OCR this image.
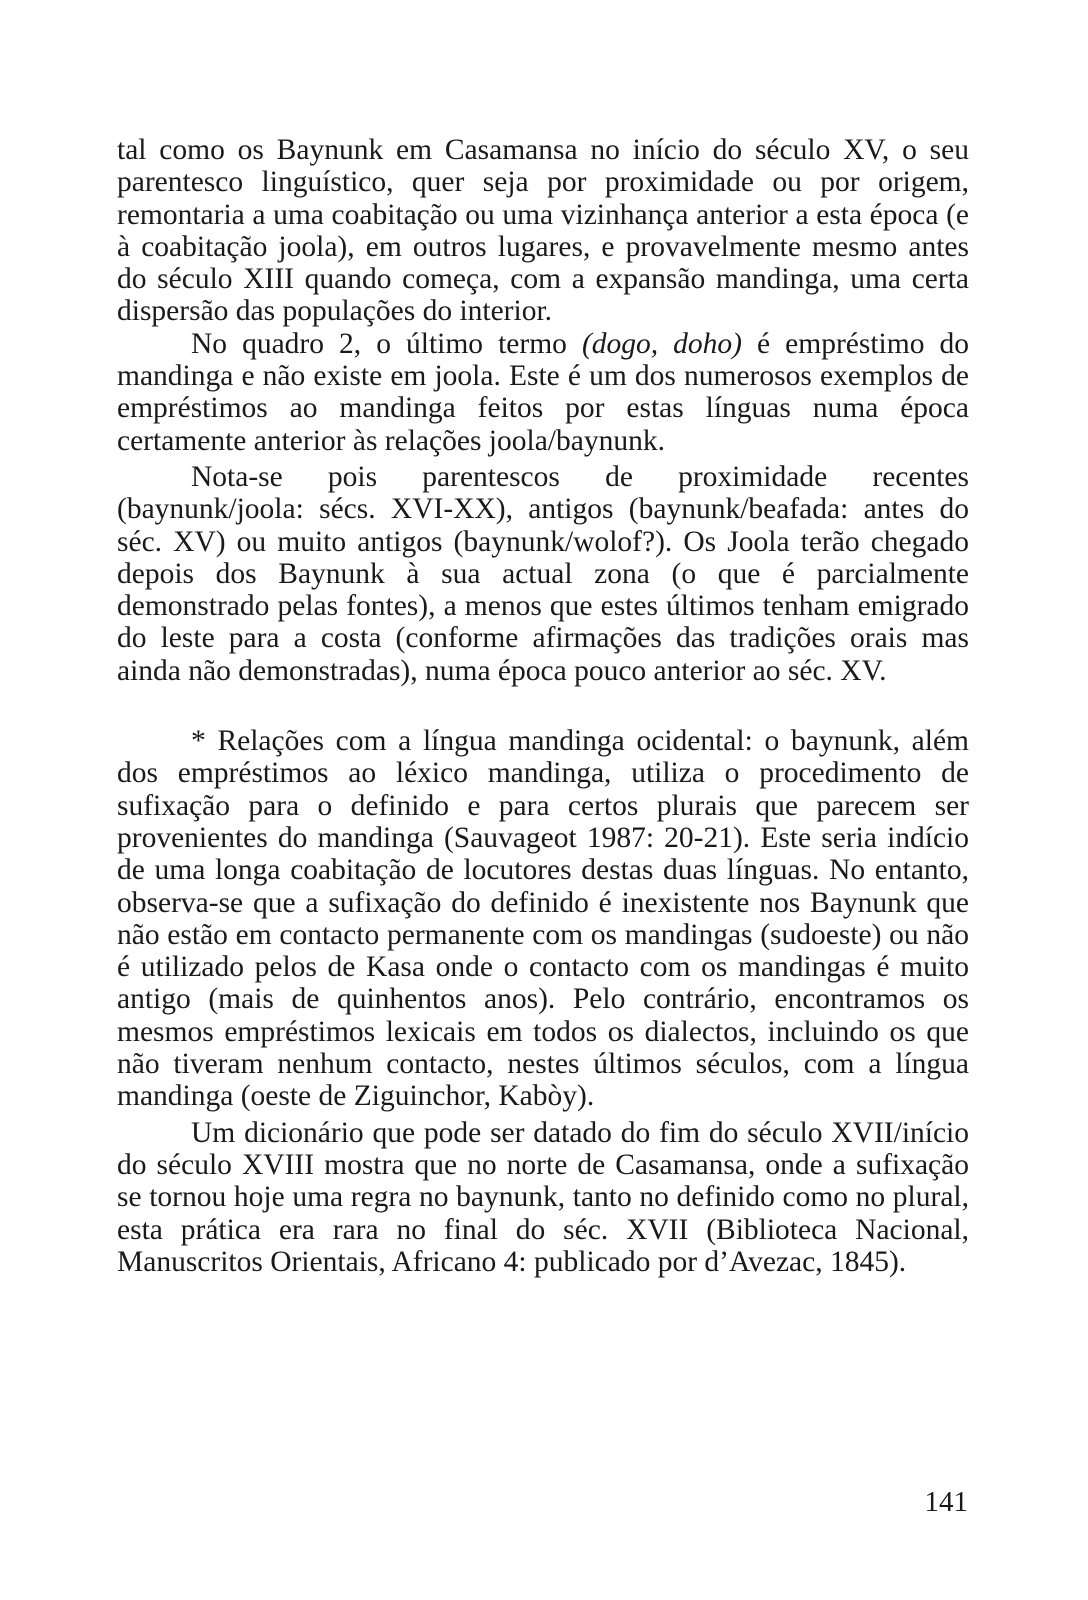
tal como os Baynunk em Casamansa no início do século XV, o seu parentesco linguístico, quer seja por proximidade ou por origem, remontaria a uma coabitação ou uma vizinhança anterior a esta época (e à coabitação joola), em outros lugares, e provavelmente mesmo antes do século XIII quando começa, com a expansão mandinga, uma certa dispersão das populações do interior.

No quadro 2, o último termo (dogo, doho) é empréstimo do mandinga e não existe em joola. Este é um dos numerosos exemplos de empréstimos ao mandinga feitos por estas línguas numa época certamente anterior às relações joola/baynunk.

Nota-se pois parentescos de proximidade recentes (baynunk/joola: sécs. XVI-XX), antigos (baynunk/beafada: antes do séc. XV) ou muito antigos (baynunk/wolof?). Os Joola terão chegado depois dos Baynunk à sua actual zona (o que é parcialmente demonstrado pelas fontes), a menos que estes últimos tenham emigrado do leste para a costa (conforme afirmações das tradições orais mas ainda não demonstradas), numa época pouco anterior ao séc. XV.

* Relações com a língua mandinga ocidental: o baynunk, além dos empréstimos ao léxico mandinga, utiliza o procedimento de sufixação para o definido e para certos plurais que parecem ser provenientes do mandinga (Sauvageot 1987: 20-21). Este seria indício de uma longa coabitação de locutores destas duas línguas. No entanto, observa-se que a sufixação do definido é inexistente nos Baynunk que não estão em contacto permanente com os mandingas (sudoeste) ou não é utilizado pelos de Kasa onde o contacto com os mandingas é muito antigo (mais de quinhentos anos). Pelo contrário, encontramos os mesmos empréstimos lexicais em todos os dialectos, incluindo os que não tiveram nenhum contacto, nestes últimos séculos, com a língua mandinga (oeste de Ziguinchor, Kabòy).

Um dicionário que pode ser datado do fim do século XVII/início do século XVIII mostra que no norte de Casamansa, onde a sufixação se tornou hoje uma regra no baynunk, tanto no definido como no plural, esta prática era rara no final do séc. XVII (Biblioteca Nacional, Manuscritos Orientais, Africano 4: publicado por d’Avezac, 1845).

141
